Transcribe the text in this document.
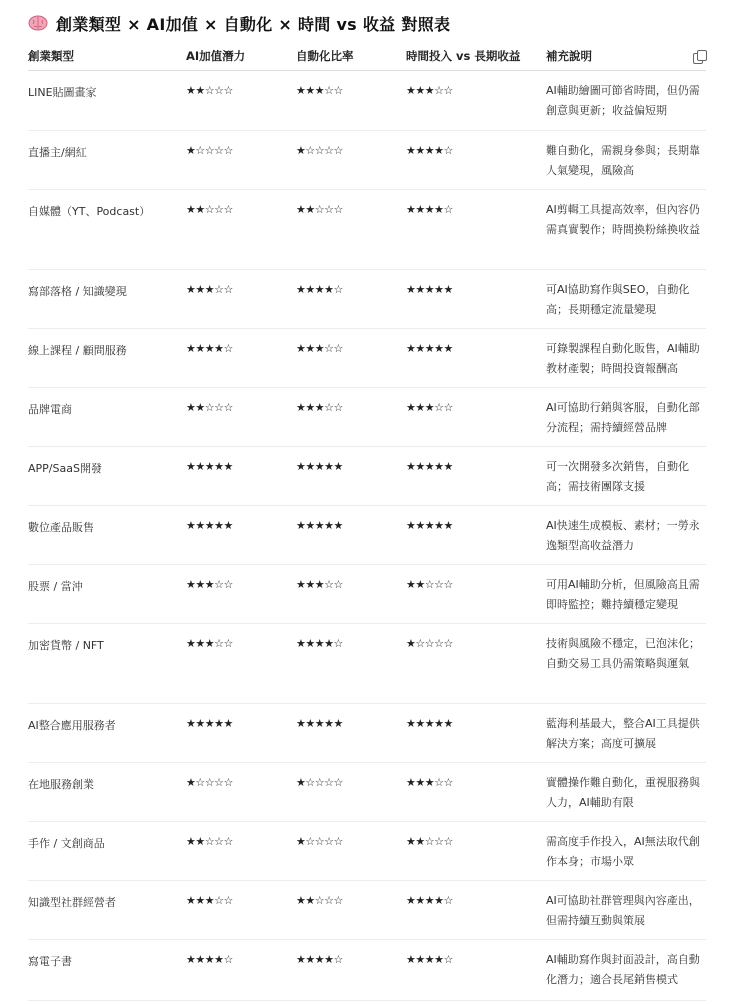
創業類型 × AI加值 × 自動化 × 時間 vs 收益 對照表
創業類型	AI加值潛力	自動化比率	時間投入 vs 長期收益	補充說明
LINE貼圖畫家	★★☆☆☆	★★★☆☆	★★★☆☆	AI輔助繪圖可節省時間，但仍需創意與更新；收益偏短期
直播主/網紅	★☆☆☆☆	★☆☆☆☆	★★★★☆	難自動化，需親身參與；長期靠人氣變現，風險高
自媒體（YT、Podcast）	★★☆☆☆	★★☆☆☆	★★★★☆	AI剪輯工具提高效率，但內容仍需真實製作；時間換粉絲換收益
寫部落格 / 知識變現	★★★☆☆	★★★★☆	★★★★★	可AI協助寫作與SEO，自動化高；長期穩定流量變現
線上課程 / 顧問服務	★★★★☆	★★★☆☆	★★★★★	可錄製課程自動化販售，AI輔助教材產製；時間投資報酬高
品牌電商	★★☆☆☆	★★★☆☆	★★★☆☆	AI可協助行銷與客服，自動化部分流程；需持續經營品牌
APP/SaaS開發	★★★★★	★★★★★	★★★★★	可一次開發多次銷售，自動化高；需技術團隊支援
數位產品販售	★★★★★	★★★★★	★★★★★	AI快速生成模板、素材；一勞永逸類型高收益潛力
股票 / 當沖	★★★☆☆	★★★☆☆	★★☆☆☆	可用AI輔助分析，但風險高且需即時監控；難持續穩定變現
加密貨幣 / NFT	★★★☆☆	★★★★☆	★☆☆☆☆	技術與風險不穩定，已泡沫化；自動交易工具仍需策略與運氣
AI整合應用服務者	★★★★★	★★★★★	★★★★★	藍海利基最大，整合AI工具提供解決方案；高度可擴展
在地服務創業	★☆☆☆☆	★☆☆☆☆	★★★☆☆	實體操作難自動化，重視服務與人力，AI輔助有限
手作 / 文創商品	★★☆☆☆	★☆☆☆☆	★★☆☆☆	需高度手作投入，AI無法取代創作本身；市場小眾
知識型社群經營者	★★★☆☆	★★☆☆☆	★★★★☆	AI可協助社群管理與內容產出，但需持續互動與策展
寫電子書	★★★★☆	★★★★☆	★★★★☆	AI輔助寫作與封面設計，高自動化潛力；適合長尾銷售模式
